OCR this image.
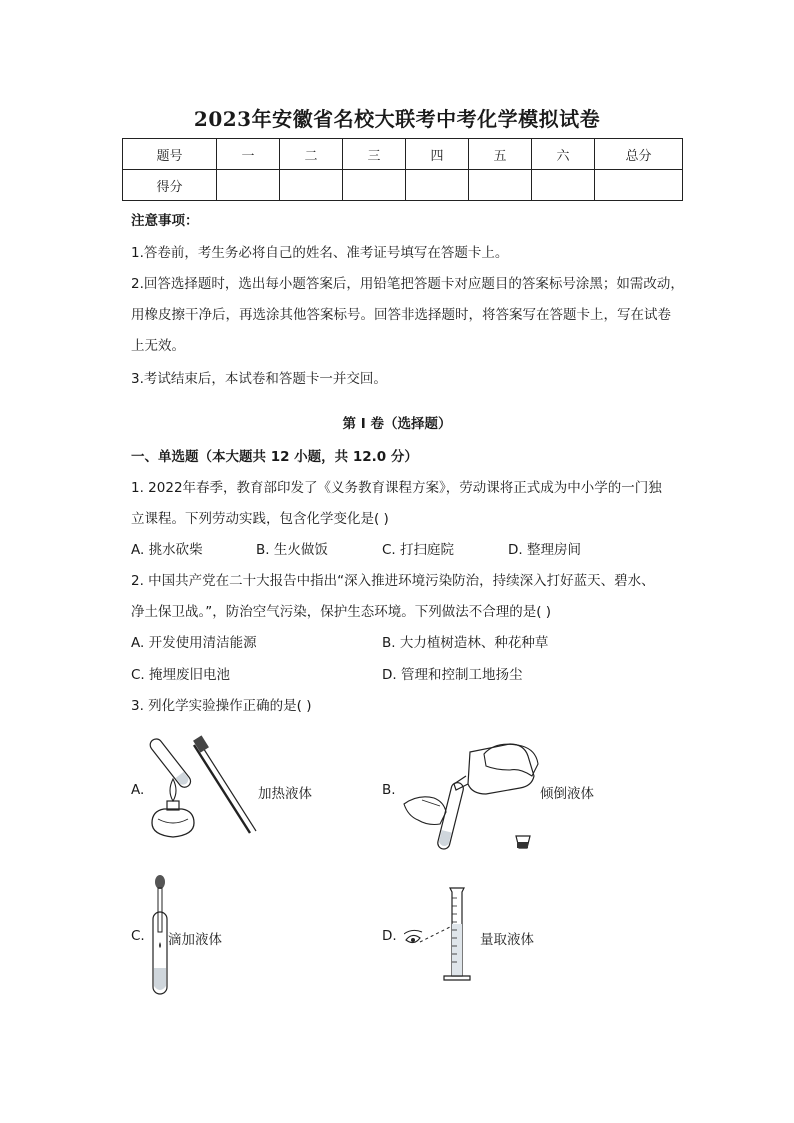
2023年安徽省名校大联考中考化学模拟试卷
题号	一	二	三	四	五	六	总分
得分							
注意事项：
1.答卷前，考生务必将自己的姓名、准考证号填写在答题卡上。
2.回答选择题时，选出每小题答案后，用铅笔把答题卡对应题目的答案标号涂黑；如需改动，
用橡皮擦干净后，再选涂其他答案标号。回答非选择题时，将答案写在答题卡上，写在试卷
上无效。
3.考试结束后，本试卷和答题卡一并交回。
第 I 卷（选择题）
一、单选题（本大题共 12 小题，共 12.0 分）
1. 2022年春季，教育部印发了《义务教育课程方案》，劳动课将正式成为中小学的一门独
立课程。下列劳动实践，包含化学变化是( )
A. 挑水砍柴	B. 生火做饭	C. 打扫庭院	D. 整理房间
2. 中国共产党在二十大报告中指出“深入推进环境污染防治，持续深入打好蓝天、碧水、
净土保卫战。”，防治空气污染，保护生态环境。下列做法不合理的是( )
A. 开发使用清洁能源	B. 大力植树造林、种花种草
C. 掩埋废旧电池	D. 管理和控制工地扬尘
3. 列化学实验操作正确的是( )
A.	加热液体	B.	倾倒液体
C. 滴加液体	D.	量取液体
